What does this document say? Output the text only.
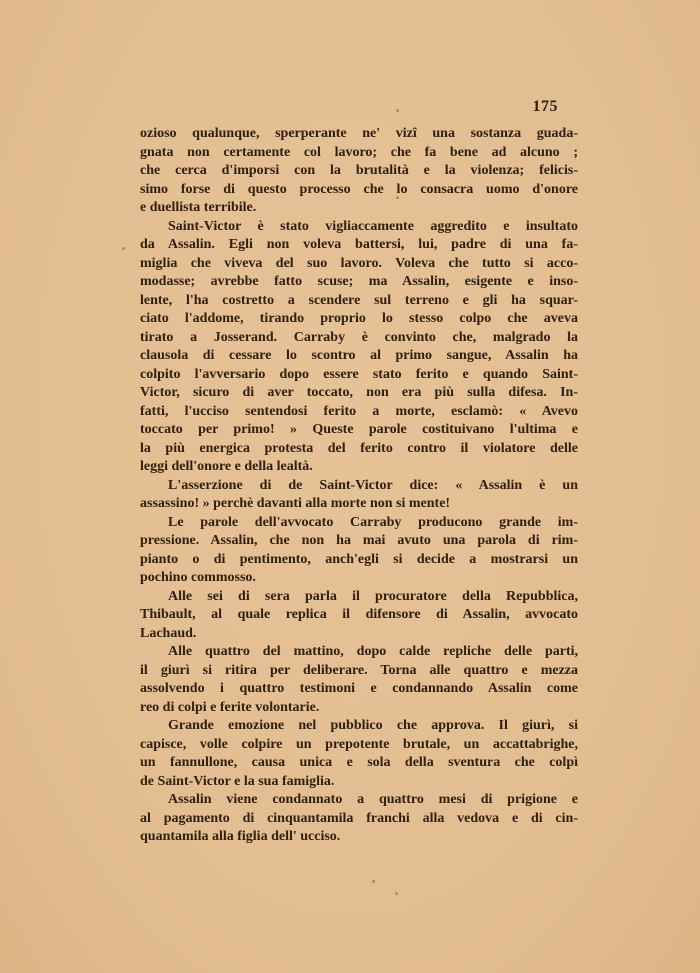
175

ozioso qualunque, sperperante ne' vizî una sostanza guada-
gnata non certamente col lavoro; che fa bene ad alcuno ;
che cerca d'imporsi con la brutalità e la violenza; felicis-
simo forse di questo processo che lo consacra uomo d'onore
e duellista terribile.

Saint-Victor è stato vigliaccamente aggredito e insultato
da Assalin. Egli non voleva battersi, lui, padre di una fa-
miglia che viveva del suo lavoro. Voleva che tutto si acco-
modasse; avrebbe fatto scuse; ma Assalin, esigente e inso-
lente, l'ha costretto a scendere sul terreno e gli ha squar-
ciato l'addome, tirando proprio lo stesso colpo che aveva
tirato a Josserand. Carraby è convinto che, malgrado la
clausola di cessare lo scontro al primo sangue, Assalin ha
colpito l'avversario dopo essere stato ferito e quando Saint-
Victor, sicuro di aver toccato, non era più sulla difesa. In-
fatti, l'ucciso sentendosi ferito a morte, esclamò: « Avevo
toccato per primo! » Queste parole costituivano l'ultima e
la più energica protesta del ferito contro il violatore delle
leggi dell'onore e della lealtà.

L'asserzione di de Saint-Victor dice: « Assalin è un
assassino! » perchè davanti alla morte non si mente!

Le parole dell'avvocato Carraby producono grande im-
pressione. Assalin, che non ha mai avuto una parola di rim-
pianto o di pentimento, anch'egli si decide a mostrarsi un
pochino commosso.

Alle sei di sera parla il procuratore della Repubblica,
Thibault, al quale replica il difensore di Assalin, avvocato
Lachaud.

Alle quattro del mattino, dopo calde repliche delle parti,
il giurì si ritira per deliberare. Torna alle quattro e mezza
assolvendo i quattro testimoni e condannando Assalin come
reo di colpi e ferite volontarie.

Grande emozione nel pubblico che approva. Il giurì, si
capisce, volle colpire un prepotente brutale, un accattabrighe,
un fannullone, causa unica e sola della sventura che colpì
de Saint-Victor e la sua famiglia.

Assalin viene condannato a quattro mesi di prigione e
al pagamento di cinquantamila franchi alla vedova e di cin-
quantamila alla figlia dell' ucciso.
